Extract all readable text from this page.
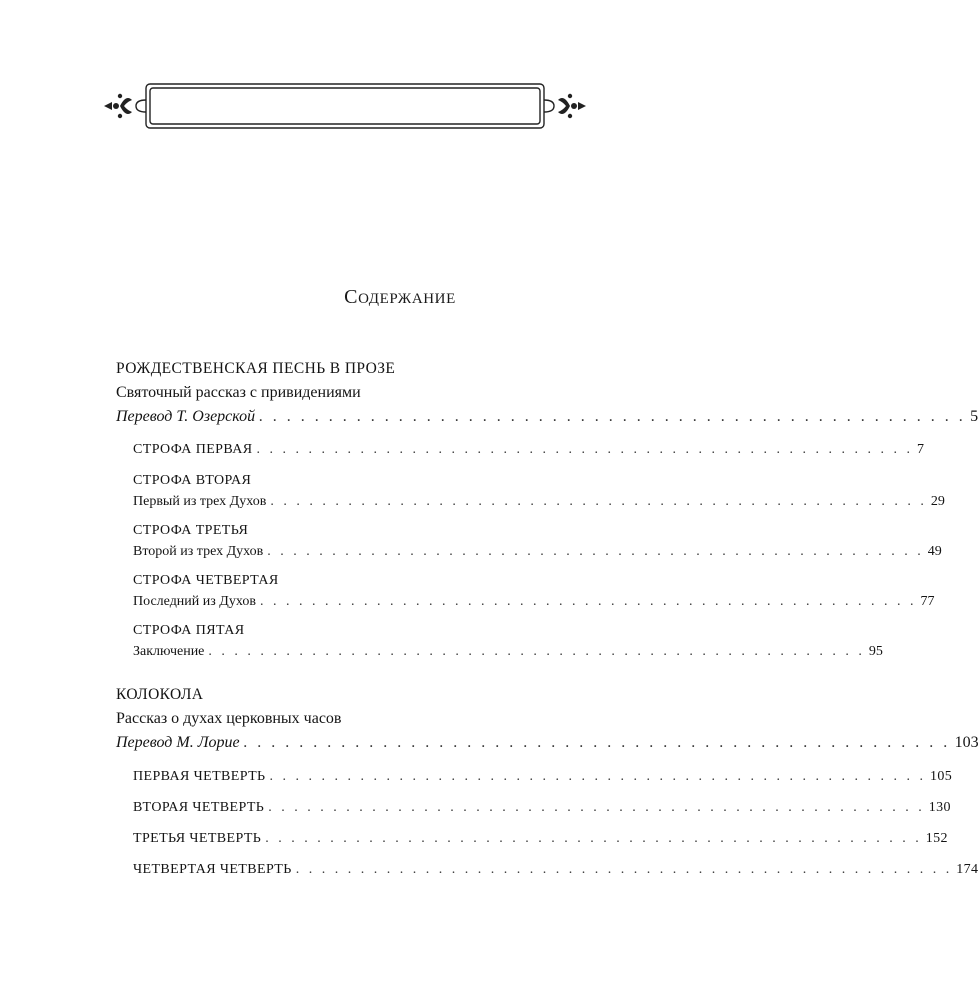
СОДЕРЖАНИЕ
РОЖДЕСТВЕНСКАЯ ПЕСНЬ В ПРОЗЕ
Святочный рассказ с привидениями
Перевод Т. Озерской . . . . . . . . . . . . . . . . . . . . . . . . . . . . . . . . . . . . . . . . . . . . . . . . . . . 5
СТРОФА ПЕРВАЯ . . . . . . . . . . . . . . . . . . . . . . . . . . . . . . . . . . . . . . . . . . . . . . . . . . . 7
СТРОФА ВТОРАЯ
Первый из трех Духов . . . . . . . . . . . . . . . . . . . . . . . . . . . . . . . . . . . . . . . . . . . . . . . . . . . 29
СТРОФА ТРЕТЬЯ
Второй из трех Духов . . . . . . . . . . . . . . . . . . . . . . . . . . . . . . . . . . . . . . . . . . . . . . . . . . . 49
СТРОФА ЧЕТВЕРТАЯ
Последний из Духов . . . . . . . . . . . . . . . . . . . . . . . . . . . . . . . . . . . . . . . . . . . . . . . . . . . 77
СТРОФА ПЯТАЯ
Заключение . . . . . . . . . . . . . . . . . . . . . . . . . . . . . . . . . . . . . . . . . . . . . . . . . . . 95
КОЛОКОЛА
Рассказ о духах церковных часов
Перевод М. Лорие . . . . . . . . . . . . . . . . . . . . . . . . . . . . . . . . . . . . . . . . . . . . . . . . . . . 103
ПЕРВАЯ ЧЕТВЕРТЬ . . . . . . . . . . . . . . . . . . . . . . . . . . . . . . . . . . . . . . . . . . . . . . . . . . . 105
ВТОРАЯ ЧЕТВЕРТЬ . . . . . . . . . . . . . . . . . . . . . . . . . . . . . . . . . . . . . . . . . . . . . . . . . . . 130
ТРЕТЬЯ ЧЕТВЕРТЬ . . . . . . . . . . . . . . . . . . . . . . . . . . . . . . . . . . . . . . . . . . . . . . . . . . . 152
ЧЕТВЕРТАЯ ЧЕТВЕРТЬ . . . . . . . . . . . . . . . . . . . . . . . . . . . . . . . . . . . . . . . . . . . . . . . . . . . 174
